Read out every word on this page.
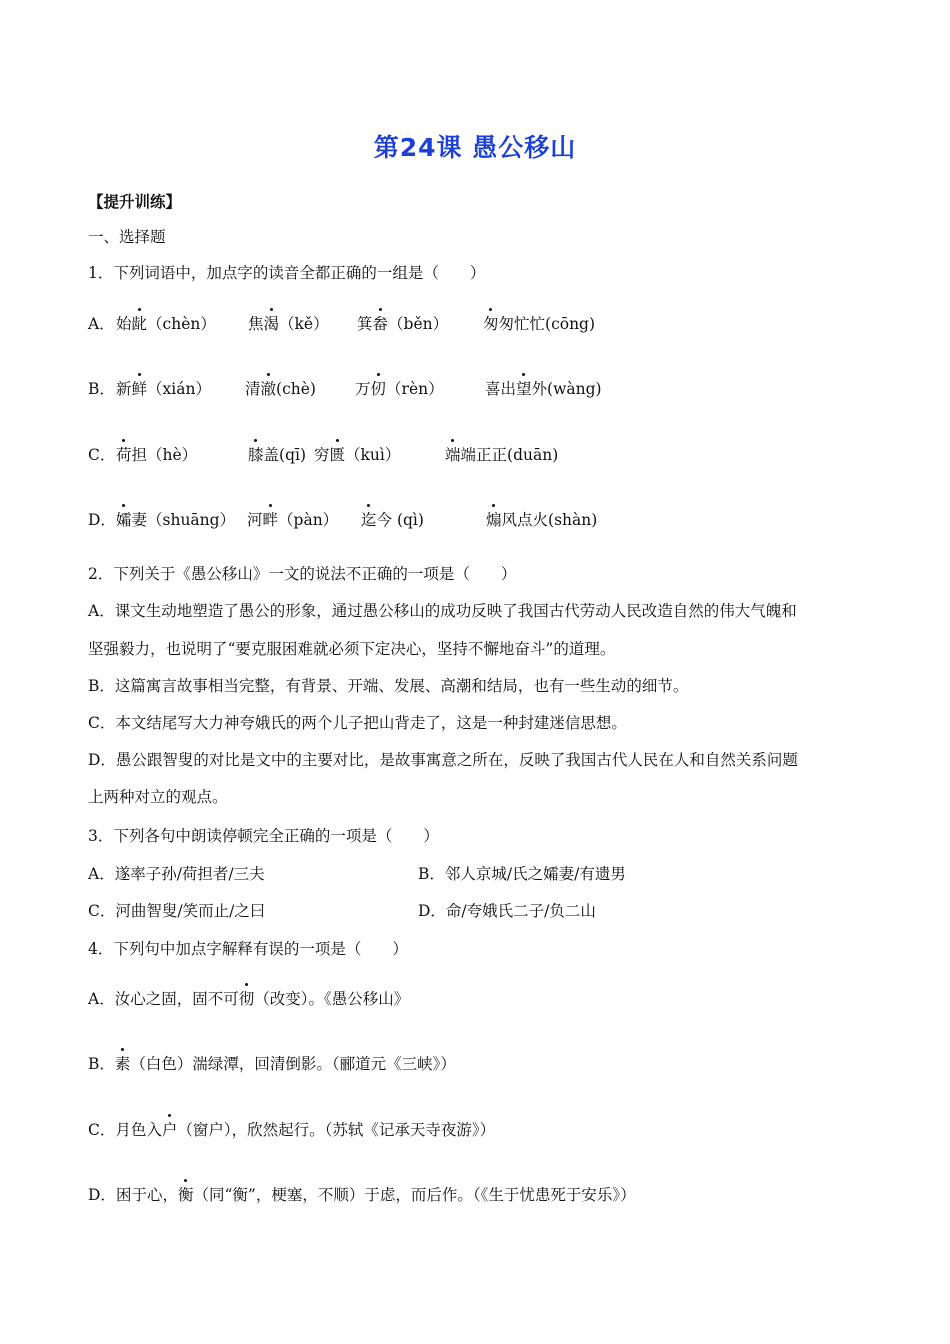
第24课 愚公移山
【提升训练】
一、选择题
1．下列词语中，加点字的读音全都正确的一组是（　　）
A． 始龀（chèn） 焦渴（kě） 箕畚（běn） 匆匆忙忙(cōng)
B． 新鲜（xián） 清澈(chè)	万仞（rèn）	喜出望外(wàng)
C． 荷担（hè）	膝盖(qī) 穷匮（kuì）	端端正正(duān)
D． 孀妻（shuāng） 河畔（pàn） 迄今 (qì)	煽风点火(shàn)
2．下列关于《愚公移山》一文的说法不正确的一项是（　　）
A．课文生动地塑造了愚公的形象，通过愚公移山的成功反映了我国古代劳动人民改造自然的伟大气魄和
坚强毅力，也说明了“要克服困难就必须下定决心，坚持不懈地奋斗”的道理。
B．这篇寓言故事相当完整，有背景、开端、发展、高潮和结局，也有一些生动的细节。
C．本文结尾写大力神夸娥氏的两个儿子把山背走了，这是一种封建迷信思想。
D．愚公跟智叟的对比是文中的主要对比，是故事寓意之所在，反映了我国古代人民在人和自然关系问题
上两种对立的观点。
3．下列各句中朗读停顿完全正确的一项是（　　）
A．遂率子孙/荷担者/三夫	B．邻人京城/氏之孀妻/有遗男
C．河曲智叟/笑而止/之曰	D．命/夸娥氏二子/负二山
4．下列句中加点字解释有误的一项是（　　）
A．汝心之固，固不可彻（改变）。《愚公移山》
B．素（白色）湍绿潭，回清倒影。（郦道元《三峡》）
C．月色入户（窗户），欣然起行。（苏轼《记承天寺夜游》）
D．困于心，衡（同“衡”，梗塞，不顺）于虑，而后作。（《生于忧患死于安乐》）
